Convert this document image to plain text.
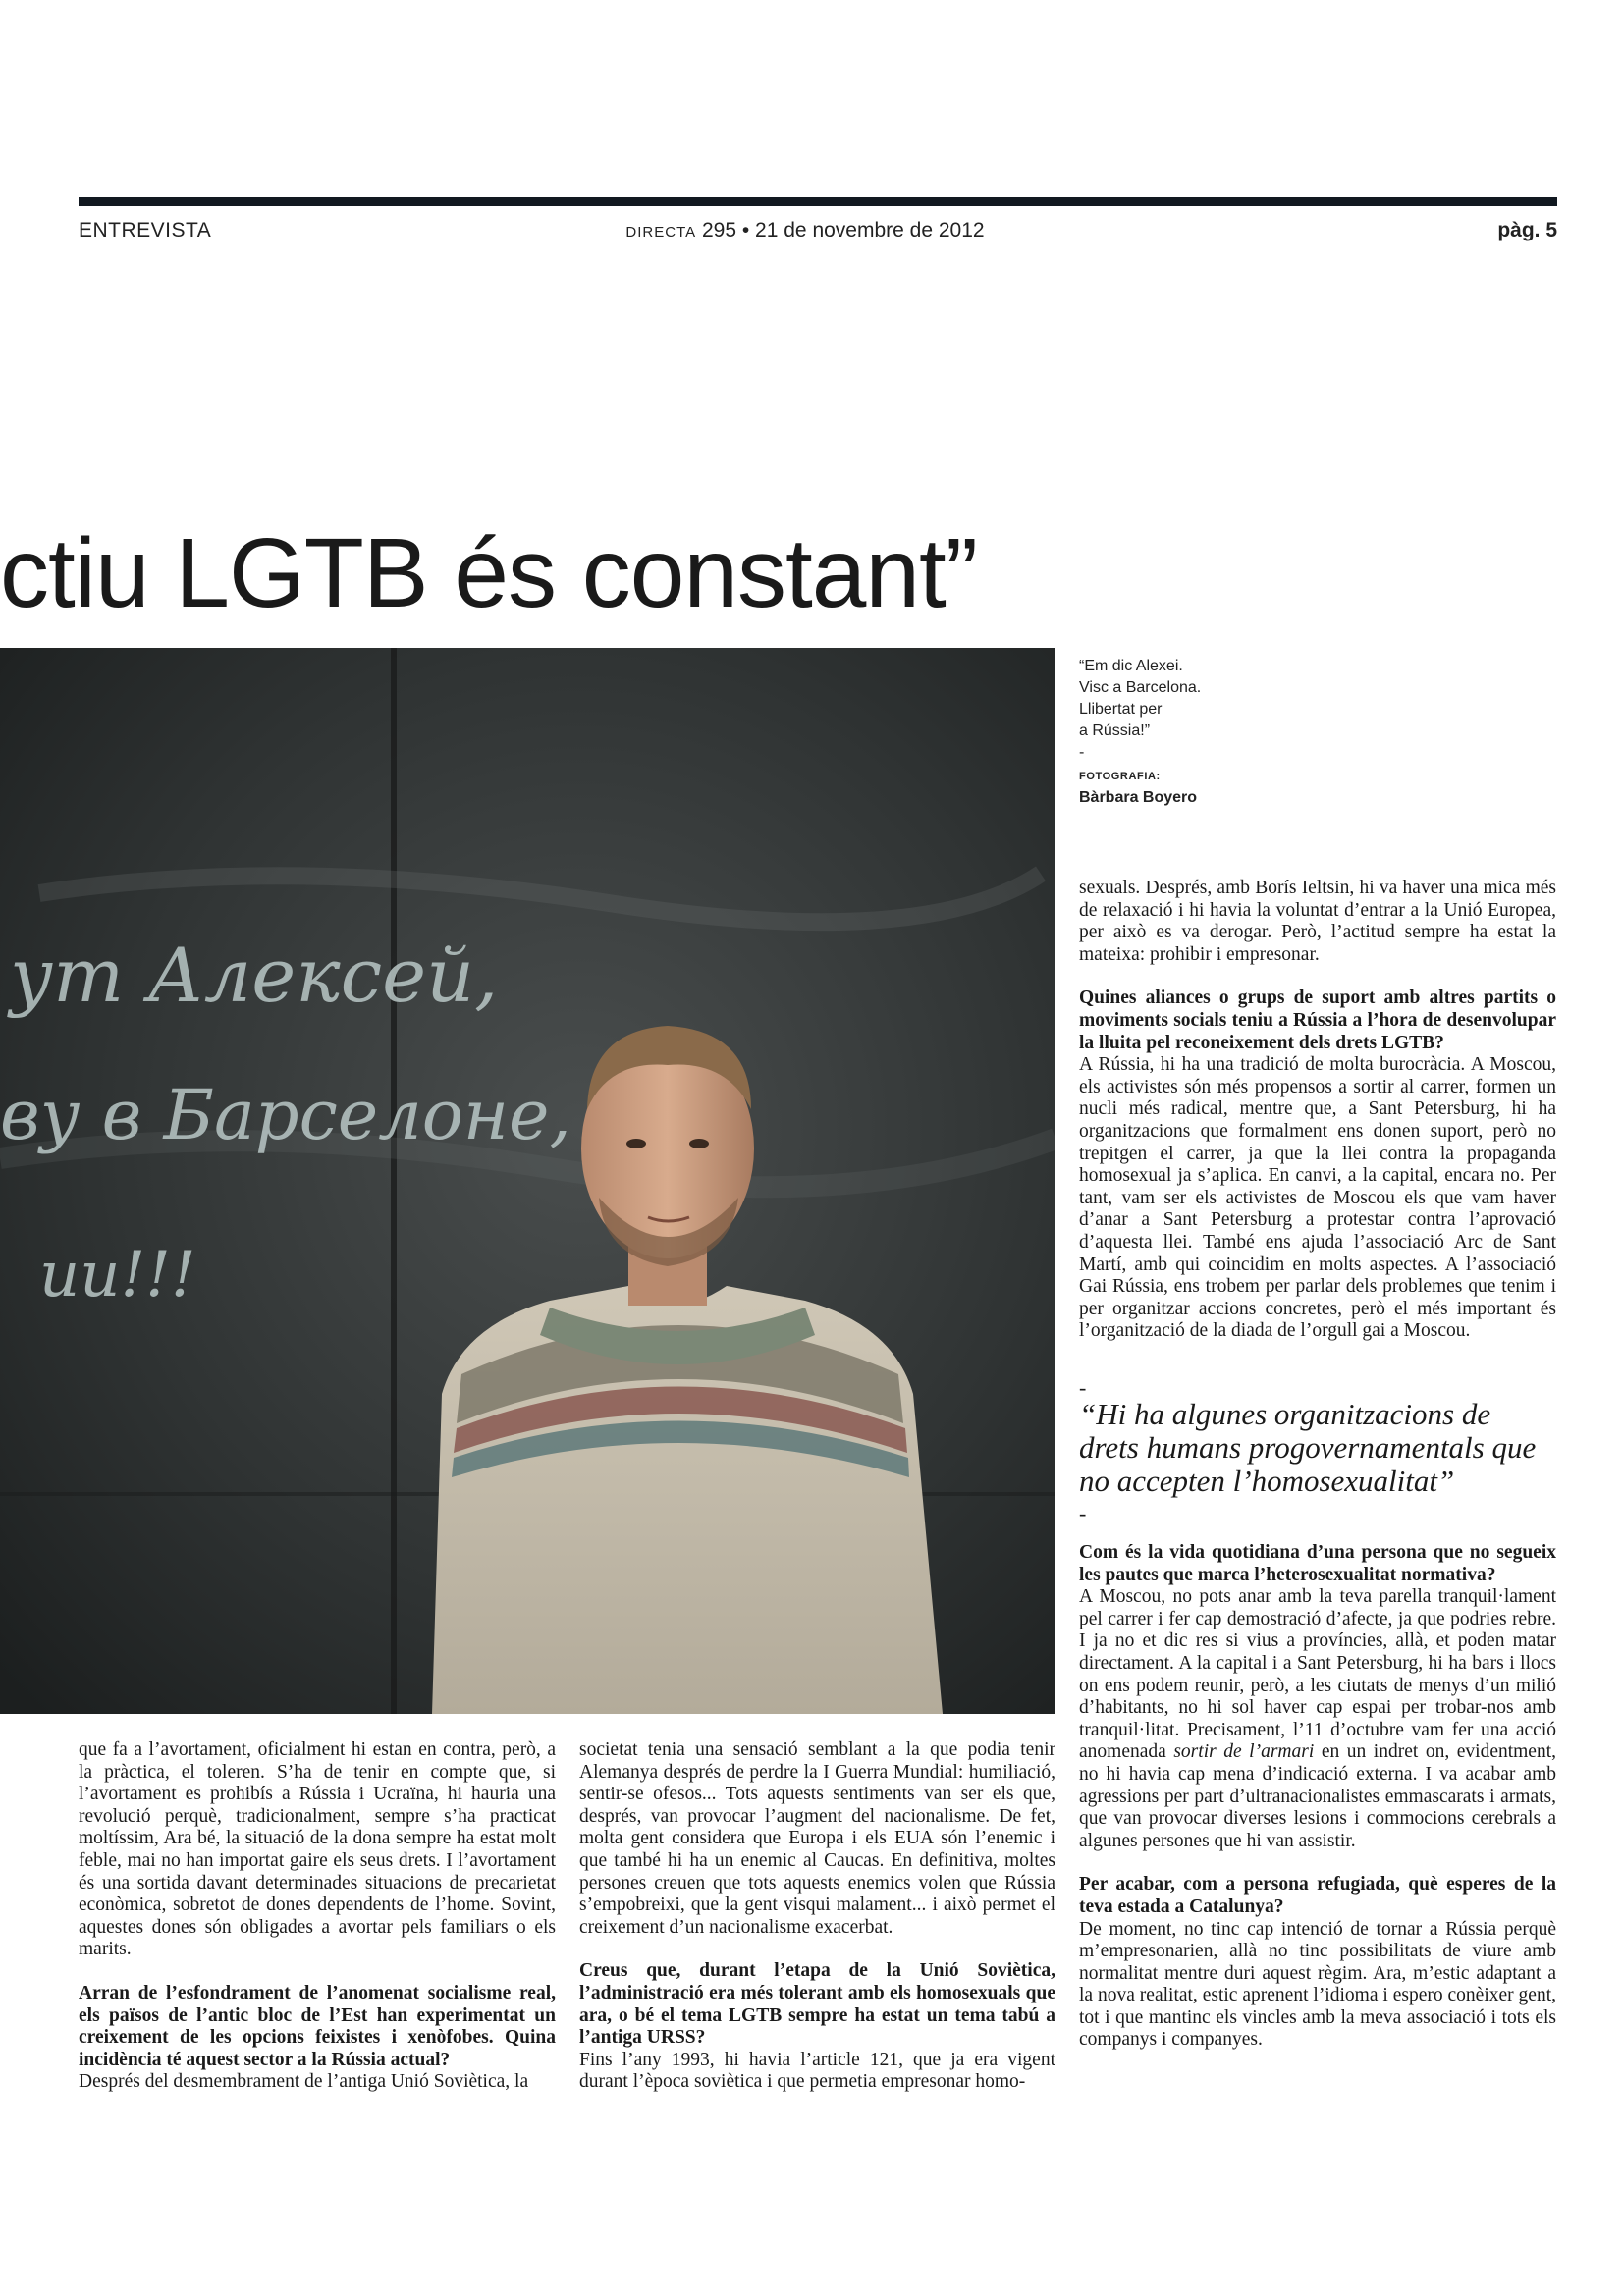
ENTREVISTA	DIRECTA 295 • 21 de novembre de 2012	pàg. 5
ctiu LGTB és constant”
ут Алексей,
ву в Барселоне,
ии!!!
“Em dic Alexei.
Visc a Barcelona.
Llibertat per
a Rússia!”
-
FOTOGRAFIA:
Bàrbara Boyero

que fa a l’avortament, oficialment hi estan en contra, però, a la pràctica, el toleren. S’ha de tenir en compte que, si l’avortament es prohibís a Rússia i Ucraïna, hi hauria una revolució perquè, tradicionalment, sempre s’ha practicat moltíssim, Ara bé, la situació de la dona sempre ha estat molt feble, mai no han importat gaire els seus drets. I l’avortament és una sortida davant determinades situacions de precarietat econòmica, sobretot de dones dependents de l’home. Sovint, aquestes dones són obligades a avortar pels familiars o els marits.

Arran de l’esfondrament de l’anomenat socialisme real, els països de l’antic bloc de l’Est han experimentat un creixement de les opcions feixistes i xenòfobes. Quina incidència té aquest sector a la Rússia actual?

Després del desmembrament de l’antiga Unió Soviètica, la

societat tenia una sensació semblant a la que podia tenir Alemanya després de perdre la I Guerra Mundial: humiliació, sentir-se ofesos... Tots aquests sentiments van ser els que, després, van provocar l’augment del nacionalisme. De fet, molta gent considera que Europa i els EUA són l’enemic i que també hi ha un enemic al Caucas. En definitiva, moltes persones creuen que tots aquests enemics volen que Rússia s’empobreixi, que la gent visqui malament... i això permet el creixement d’un nacionalisme exacerbat.

Creus que, durant l’etapa de la Unió Soviètica, l’administració era més tolerant amb els homosexuals que ara, o bé el tema LGTB sempre ha estat un tema tabú a l’antiga URSS?

Fins l’any 1993, hi havia l’article 121, que ja era vigent durant l’època soviètica i que permetia empresonar homo-

sexuals. Després, amb Borís Ieltsin, hi va haver una mica més de relaxació i hi havia la voluntat d’entrar a la Unió Europea, per això es va derogar. Però, l’actitud sempre ha estat la mateixa: prohibir i empresonar.

Quines aliances o grups de suport amb altres partits o moviments socials teniu a Rússia a l’hora de desenvolupar la lluita pel reconeixement dels drets LGTB?

A Rússia, hi ha una tradició de molta burocràcia. A Moscou, els activistes són més propensos a sortir al carrer, formen un nucli més radical, mentre que, a Sant Petersburg, hi ha organitzacions que formalment ens donen suport, però no trepitgen el carrer, ja que la llei contra la propaganda homosexual ja s’aplica. En canvi, a la capital, encara no. Per tant, vam ser els activistes de Moscou els que vam haver d’anar a Sant Petersburg a protestar contra l’aprovació d’aquesta llei. També ens ajuda l’associació Arc de Sant Martí, amb qui coincidim en molts aspectes. A l’associació Gai Rússia, ens trobem per parlar dels problemes que tenim i per organitzar accions concretes, però el més important és l’organització de la diada de l’orgull gai a Moscou.

-
“Hi ha algunes organitzacions de drets humans progovernamentals que no accepten l’homosexualitat”
-

Com és la vida quotidiana d’una persona que no segueix les pautes que marca l’heterosexualitat normativa?

A Moscou, no pots anar amb la teva parella tranquil·lament pel carrer i fer cap demostració d’afecte, ja que podries rebre. I ja no et dic res si vius a províncies, allà, et poden matar directament. A la capital i a Sant Petersburg, hi ha bars i llocs on ens podem reunir, però, a les ciutats de menys d’un milió d’habitants, no hi sol haver cap espai per trobar-nos amb tranquil·litat. Precisament, l’11 d’octubre vam fer una acció anomenada sortir de l’armari en un indret on, evidentment, no hi havia cap mena d’indicació externa. I va acabar amb agressions per part d’ultranacionalistes emmascarats i armats, que van provocar diverses lesions i commocions cerebrals a algunes persones que hi van assistir.

Per acabar, com a persona refugiada, què esperes de la teva estada a Catalunya?

De moment, no tinc cap intenció de tornar a Rússia perquè m’empresonarien, allà no tinc possibilitats de viure amb normalitat mentre duri aquest règim. Ara, m’estic adaptant a la nova realitat, estic aprenent l’idioma i espero conèixer gent, tot i que mantinc els vincles amb la meva associació i tots els companys i companyes.
